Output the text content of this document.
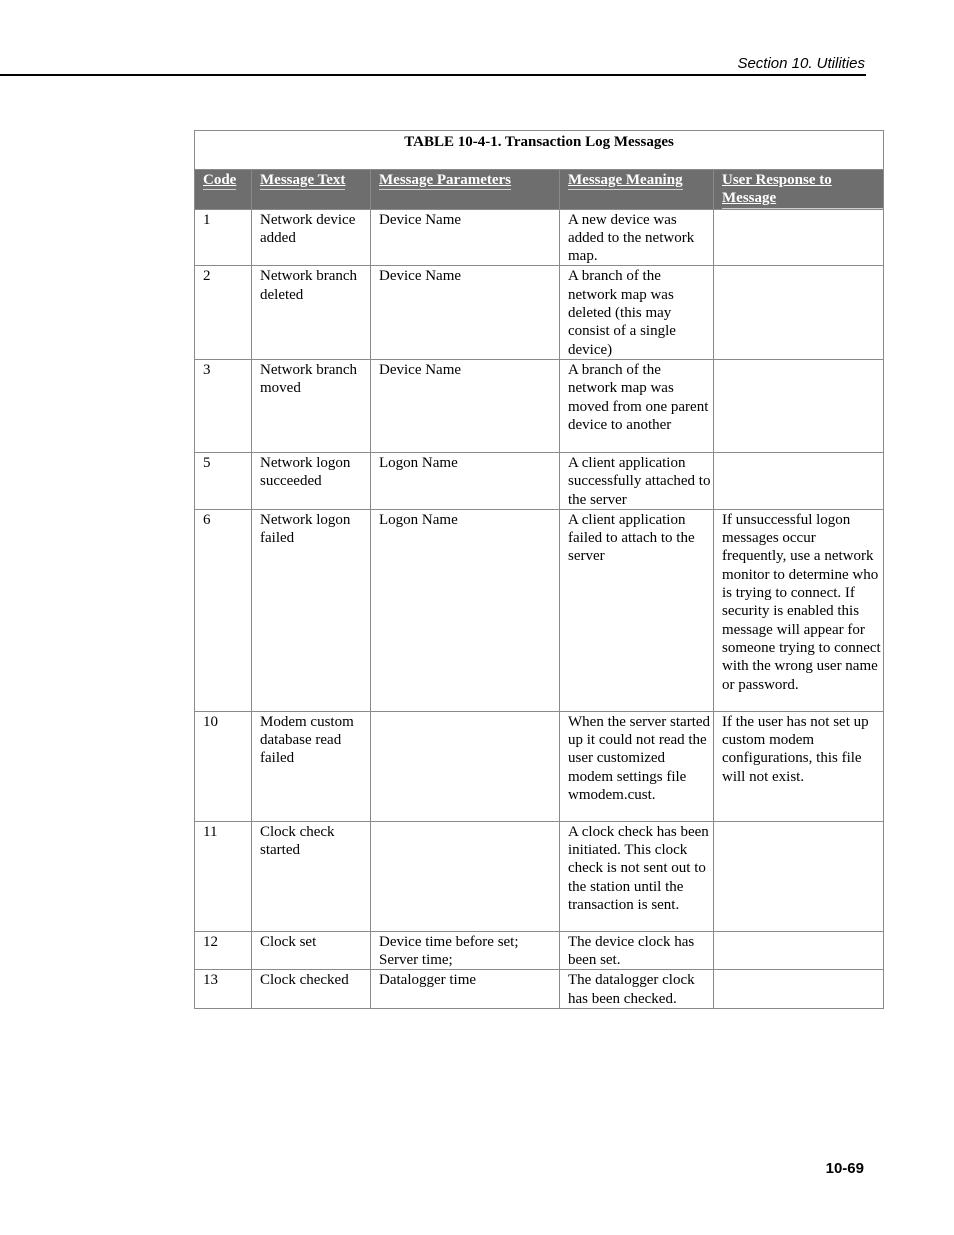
Section 10. Utilities
TABLE 10-4-1. Transaction Log Messages				
Code	Message Text	Message Parameters	Message Meaning	User Response to Message
1	Network device added	Device Name	A new device was added to the network map.	
2	Network branch deleted	Device Name	A branch of the network map was deleted (this may consist of a single device)	
3	Network branch moved	Device Name	A branch of the network map was moved from one parent device to another	
5	Network logon succeeded	Logon Name	A client application successfully attached to the server	
6	Network logon failed	Logon Name	A client application failed to attach to the server	If unsuccessful logon messages occur frequently, use a network monitor to determine who is trying to connect. If security is enabled this message will appear for someone trying to connect with the wrong user name or password.
10	Modem custom database read failed		When the server started up it could not read the user customized modem settings file wmodem.cust.	If the user has not set up custom modem configurations, this file will not exist.
11	Clock check started		A clock check has been initiated. This clock check is not sent out to the station until the transaction is sent.	
12	Clock set	Device time before set; Server time;	The device clock has been set.	
13	Clock checked	Datalogger time	The datalogger clock has been checked.	
10-69
